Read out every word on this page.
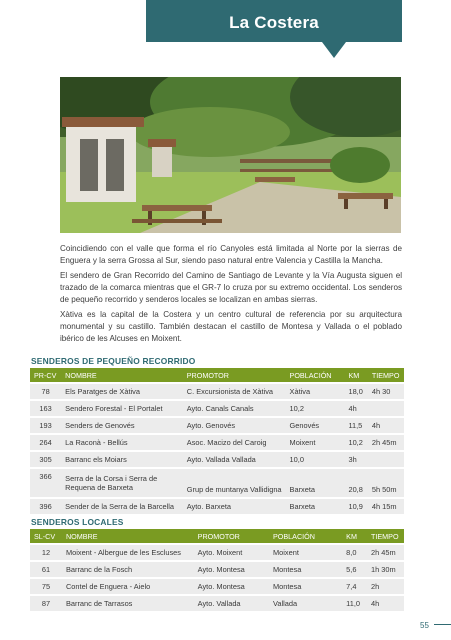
La Costera
Coincidiendo con el valle que forma el río Canyoles está limitada al Norte por la sierras de Enguera y la serra Grossa al Sur, siendo paso natural entre Valencia y Castilla la Mancha.
El sendero de Gran Recorrido del Camino de Santiago de Levante y la Vía Augusta siguen el trazado de la comarca mientras que el GR-7 lo cruza por su extremo occidental. Los senderos de pequeño recorrido y senderos locales se localizan en ambas sierras.
Xàtiva es la capital de la Costera y un centro cultural de referencia por su arquitectura monumental y su castillo. También destacan el castillo de Montesa y Vallada o el poblado ibérico de les Alcuses en Moixent.
SENDEROS DE PEQUEÑO RECORRIDO
PR-CV	NOMBRE	PROMOTOR	POBLACIÓN	KM	TIEMPO
78	Els Paratges de Xàtiva	C. Excursionista de Xàtiva	Xàtiva	18,0	4h 30
163	Sendero Forestal - El Portalet	Ayto. Canals Canals	10,2	4h	
193	Senders de Genovés	Ayto. Genovés	Genovés	11,5	4h
264	La Raconà - Bellús	Asoc. Macizo del Caroig	Moixent	10,2	2h 45m
305	Barranc els Moiars	Ayto. Vallada Vallada	10,0	3h	
366	Serra de la Corsa i Serra de Requena de Barxeta	Grup de muntanya Vallidigna	Barxeta	20,8	5h 50m
396	Sender de la Serra de la Barcella	Ayto. Barxeta	Barxeta	10,9	4h 15m
SENDEROS LOCALES
SL-CV	NOMBRE	PROMOTOR	POBLACIÓN	KM	TIEMPO
12	Moixent - Albergue de les Escluses	Ayto. Moixent	Moixent	8,0	2h 45m
61	Barranc de la Fosch	Ayto. Montesa	Montesa	5,6	1h 30m
75	Contel de Enguera - Aielo	Ayto. Montesa	Montesa	7,4	2h
87	Barranc de Tarrasos	Ayto. Vallada	Vallada	11,0	4h
55
